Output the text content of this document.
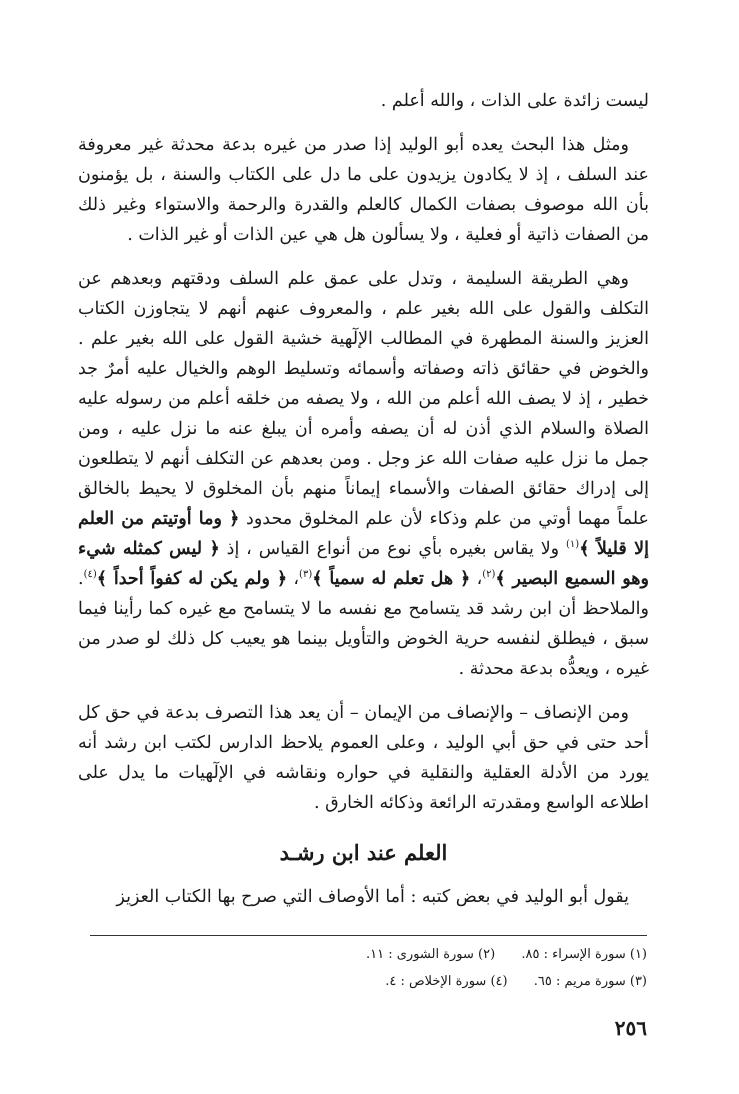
ليست زائدة على الذات ، والله أعلم .

ومثل هذا البحث يعده أبو الوليد إذا صدر من غيره بدعة محدثة غير معروفة عند السلف ، إذ لا يكادون يزيدون على ما دل على الكتاب والسنة ، بل يؤمنون بأن الله موصوف بصفات الكمال كالعلم والقدرة والرحمة والاستواء وغير ذلك من الصفات ذاتية أو فعلية ، ولا يسألون هل هي عين الذات أو غير الذات .

وهي الطريقة السليمة ، وتدل على عمق علم السلف ودقتهم وبعدهم عن التكلف والقول على الله بغير علم ، والمعروف عنهم أنهم لا يتجاوزن الكتاب العزيز والسنة المطهرة في المطالب الإلٓهية خشية القول على الله بغير علم . والخوض في حقائق ذاته وصفاته وأسمائه وتسليط الوهم والخيال عليه أمرٌ جد خطير ، إذ لا يصف الله أعلم من الله ، ولا يصفه من خلقه أعلم من رسوله عليه الصلاة والسلام الذي أذن له أن يصفه وأمره أن يبلغ عنه ما نزل عليه ، ومن جمل ما نزل عليه صفات الله عز وجل . ومن بعدهم عن التكلف أنهم لا يتطلعون إلى إدراك حقائق الصفات والأسماء إيماناً منهم بأن المخلوق لا يحيط بالخالق علماً مهما أوتي من علم وذكاء لأن علم المخلوق محدود ﴿ وما أوتيتم من العلم إلا قليلاً ﴾$^{(١)}$ ولا يقاس بغيره بأي نوع من أنواع القياس ، إذ ﴿ ليس كمثله شيء وهو السميع البصير ﴾$^{(٢)}$، ﴿ هل تعلم له سمياً ﴾$^{(٣)}$، ﴿ ولم يكن له كفواً أحداً ﴾$^{(٤)}$. والملاحظ أن ابن رشد قد يتسامح مع نفسه ما لا يتسامح مع غيره كما رأينا فيما سبق ، فيطلق لنفسه حرية الخوض والتأويل بينما هو يعيب كل ذلك لو صدر من غيره ، ويعدُّه بدعة محدثة .

ومن الإنصاف – والإنصاف من الإيمان – أن يعد هذا التصرف بدعة في حق كل أحد حتى في حق أبي الوليد ، وعلى العموم يلاحظ الدارس لكتب ابن رشد أنه يورد من الأدلة العقلية والنقلية في حواره ونقاشه في الإلٓهيات ما يدل على اطلاعه الواسع ومقدرته الرائعة وذكائه الخارق .

العلم عند ابن رشـد

يقول أبو الوليد في بعض كتبه : أما الأوصاف التي صرح بها الكتاب العزيز

(١) سورة الإسراء : ٨٥. (٢) سورة الشورى : ١١.
(٣) سورة مريم : ٦٥. (٤) سورة الإخلاص : ٤.
٢٥٦
